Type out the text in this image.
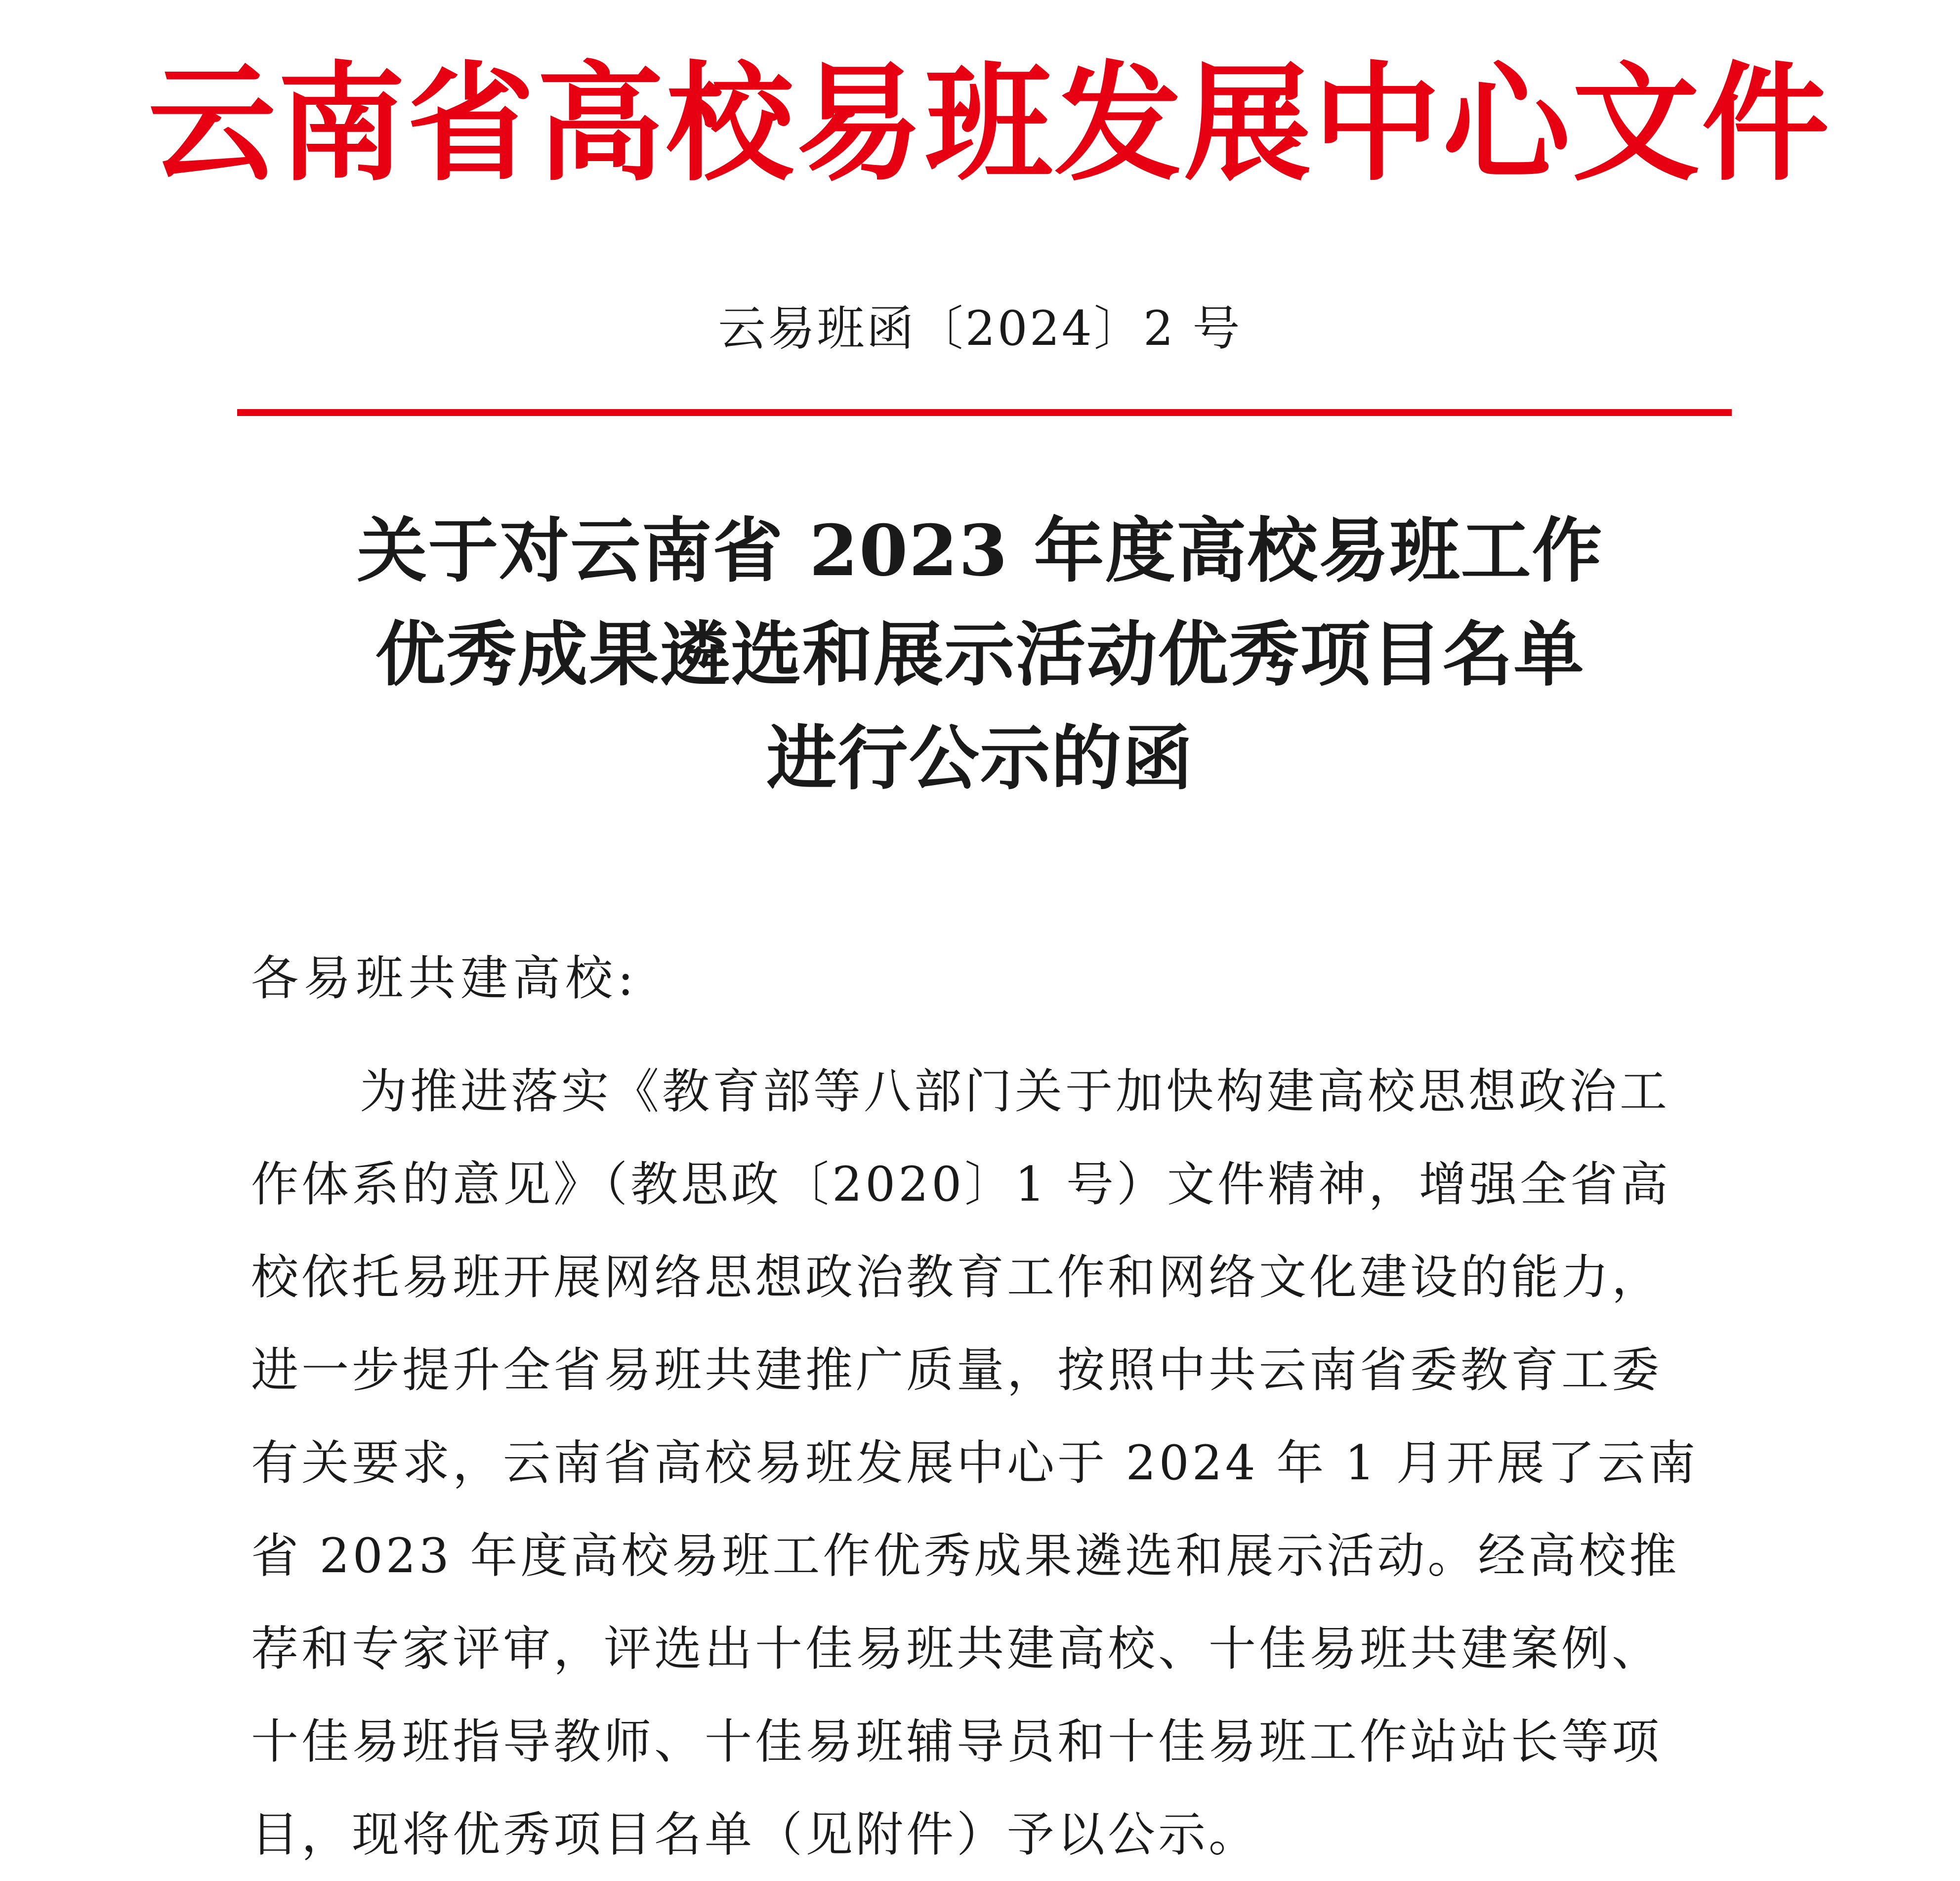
云南省高校易班发展中心文件
云易班函〔2024〕2 号
关于对云南省 2023 年度高校易班工作
优秀成果遴选和展示活动优秀项目名单
进行公示的函
各易班共建高校:
为推进落实《教育部等八部门关于加快构建高校思想政治工
作体系的意见》（教思政〔2020〕1 号）文件精神，增强全省高
校依托易班开展网络思想政治教育工作和网络文化建设的能力，
进一步提升全省易班共建推广质量，按照中共云南省委教育工委
有关要求，云南省高校易班发展中心于 2024 年 1 月开展了云南
省 2023 年度高校易班工作优秀成果遴选和展示活动。经高校推
荐和专家评审，评选出十佳易班共建高校、十佳易班共建案例、
十佳易班指导教师、十佳易班辅导员和十佳易班工作站站长等项
目，现将优秀项目名单（见附件）予以公示。
